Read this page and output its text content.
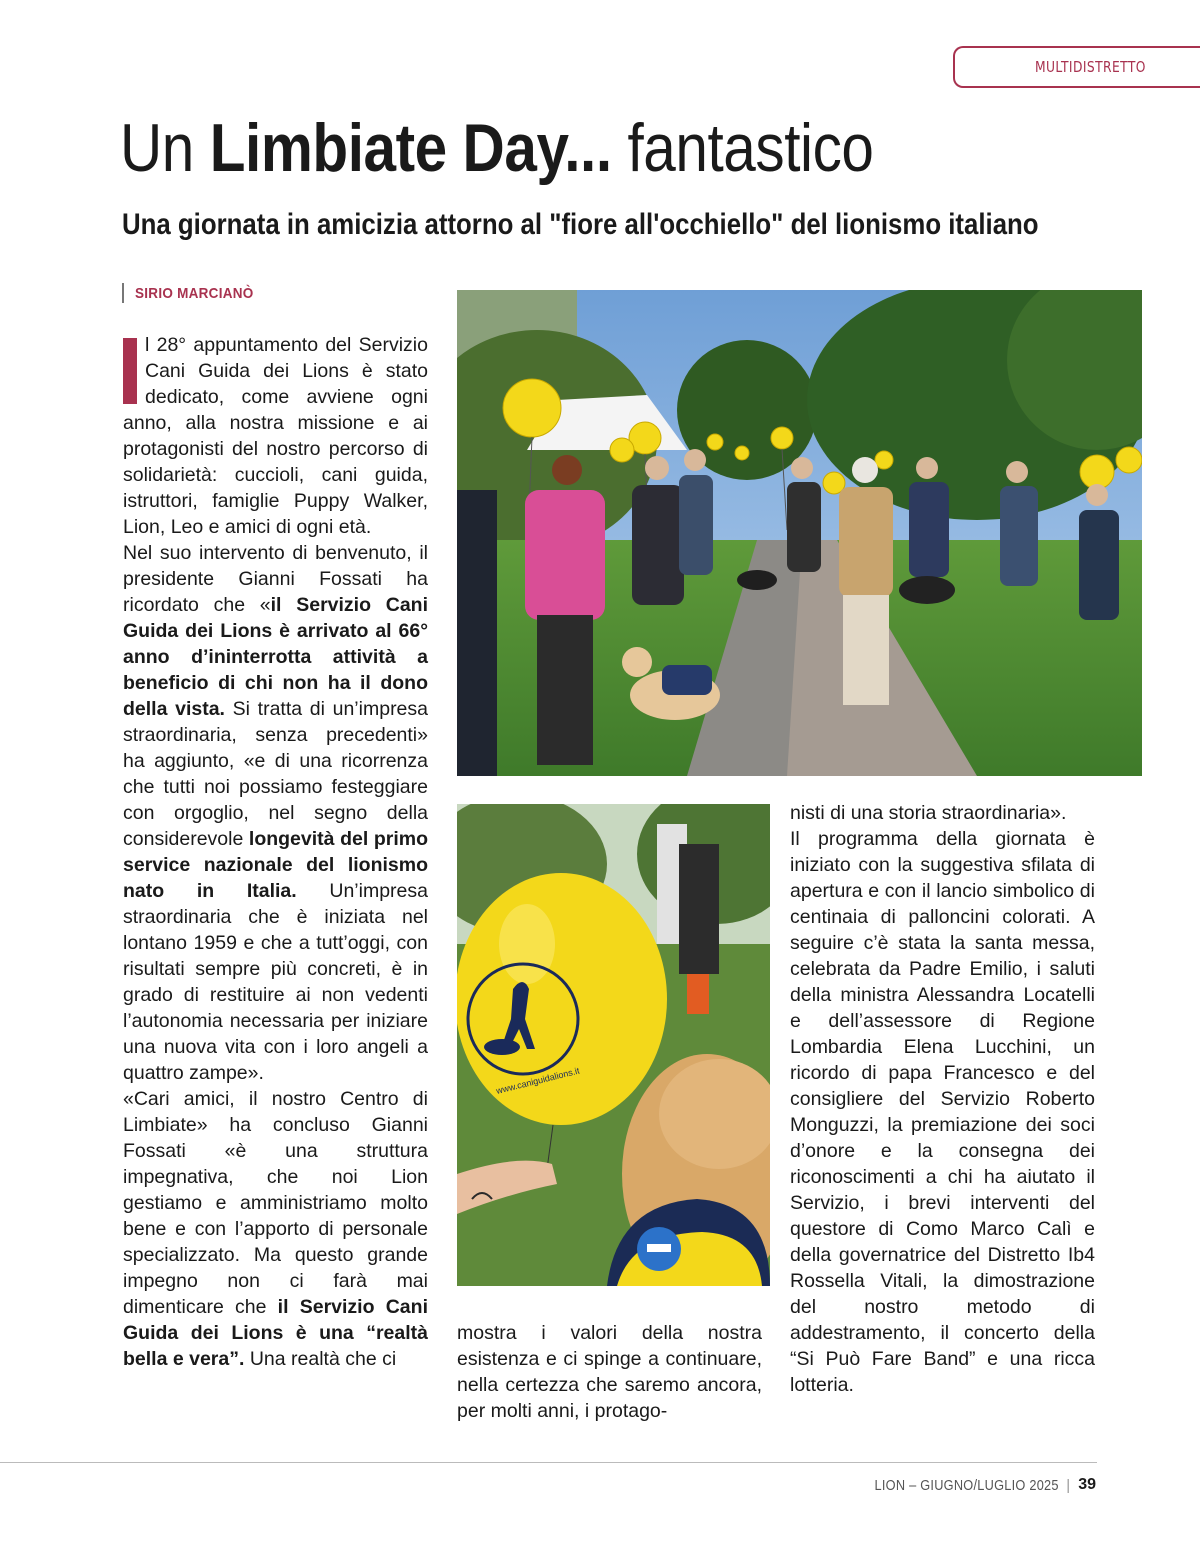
MULTIDISTRETTO
Un Limbiate Day... fantastico
Una giornata in amicizia attorno al "fiore all'occhiello" del lionismo italiano
SIRIO MARCIANÒ

l 28° appuntamento del Servizio Cani Guida dei Lions è stato dedicato, come avviene ogni anno, alla nostra missione e ai protagonisti del nostro percorso di solidarietà: cuccioli, cani guida, istruttori, famiglie Puppy Walker, Lion, Leo e amici di ogni età.

Nel suo intervento di benvenuto, il presidente Gianni Fossati ha ricordato che «il Servizio Cani Guida dei Lions è arrivato al 66° anno d’ininterrotta attività a beneficio di chi non ha il dono della vista. Si tratta di un’impresa straordinaria, senza precedenti» ha aggiunto, «e di una ricorrenza che tutti noi possiamo festeggiare con orgoglio, nel segno della considerevole longevità del primo service nazionale del lionismo nato in Italia. Un’impresa straordinaria che è iniziata nel lontano 1959 e che a tutt’oggi, con risultati sempre più concreti, è in grado di restituire ai non vedenti l’autonomia necessaria per iniziare una nuova vita con i loro angeli a quattro zampe».

«Cari amici, il nostro Centro di Limbiate» ha concluso Gianni Fossati «è una struttura impegnativa, che noi Lion gestiamo e amministriamo molto bene e con l’apporto di personale specializzato. Ma questo grande impegno non ci farà mai dimenticare che il Servizio Cani Guida dei Lions è una “realtà bella e vera”. Una realtà che ci

www.caniguidalions.it

mostra i valori della nostra esistenza e ci spinge a continuare, nella certezza che saremo ancora, per molti anni, i protago-

nisti di una storia straordinaria».

Il programma della giornata è iniziato con la suggestiva sfilata di apertura e con il lancio simbolico di centinaia di palloncini colorati. A seguire c’è stata la santa messa, celebrata da Padre Emilio, i saluti della ministra Alessandra Locatelli e dell’assessore di Regione Lombardia Elena Lucchini, un ricordo di papa Francesco e del consigliere del Servizio Roberto Monguzzi, la premiazione dei soci d’onore e la consegna dei riconoscimenti a chi ha aiutato il Servizio, i brevi interventi del questore di Como Marco Calì e della governatrice del Distretto Ib4 Rossella Vitali, la dimostrazione del nostro metodo di addestramento, il concerto della “Si Può Fare Band” e una ricca lotteria.

LION – GIUGNO/LUGLIO 2025 | 39
